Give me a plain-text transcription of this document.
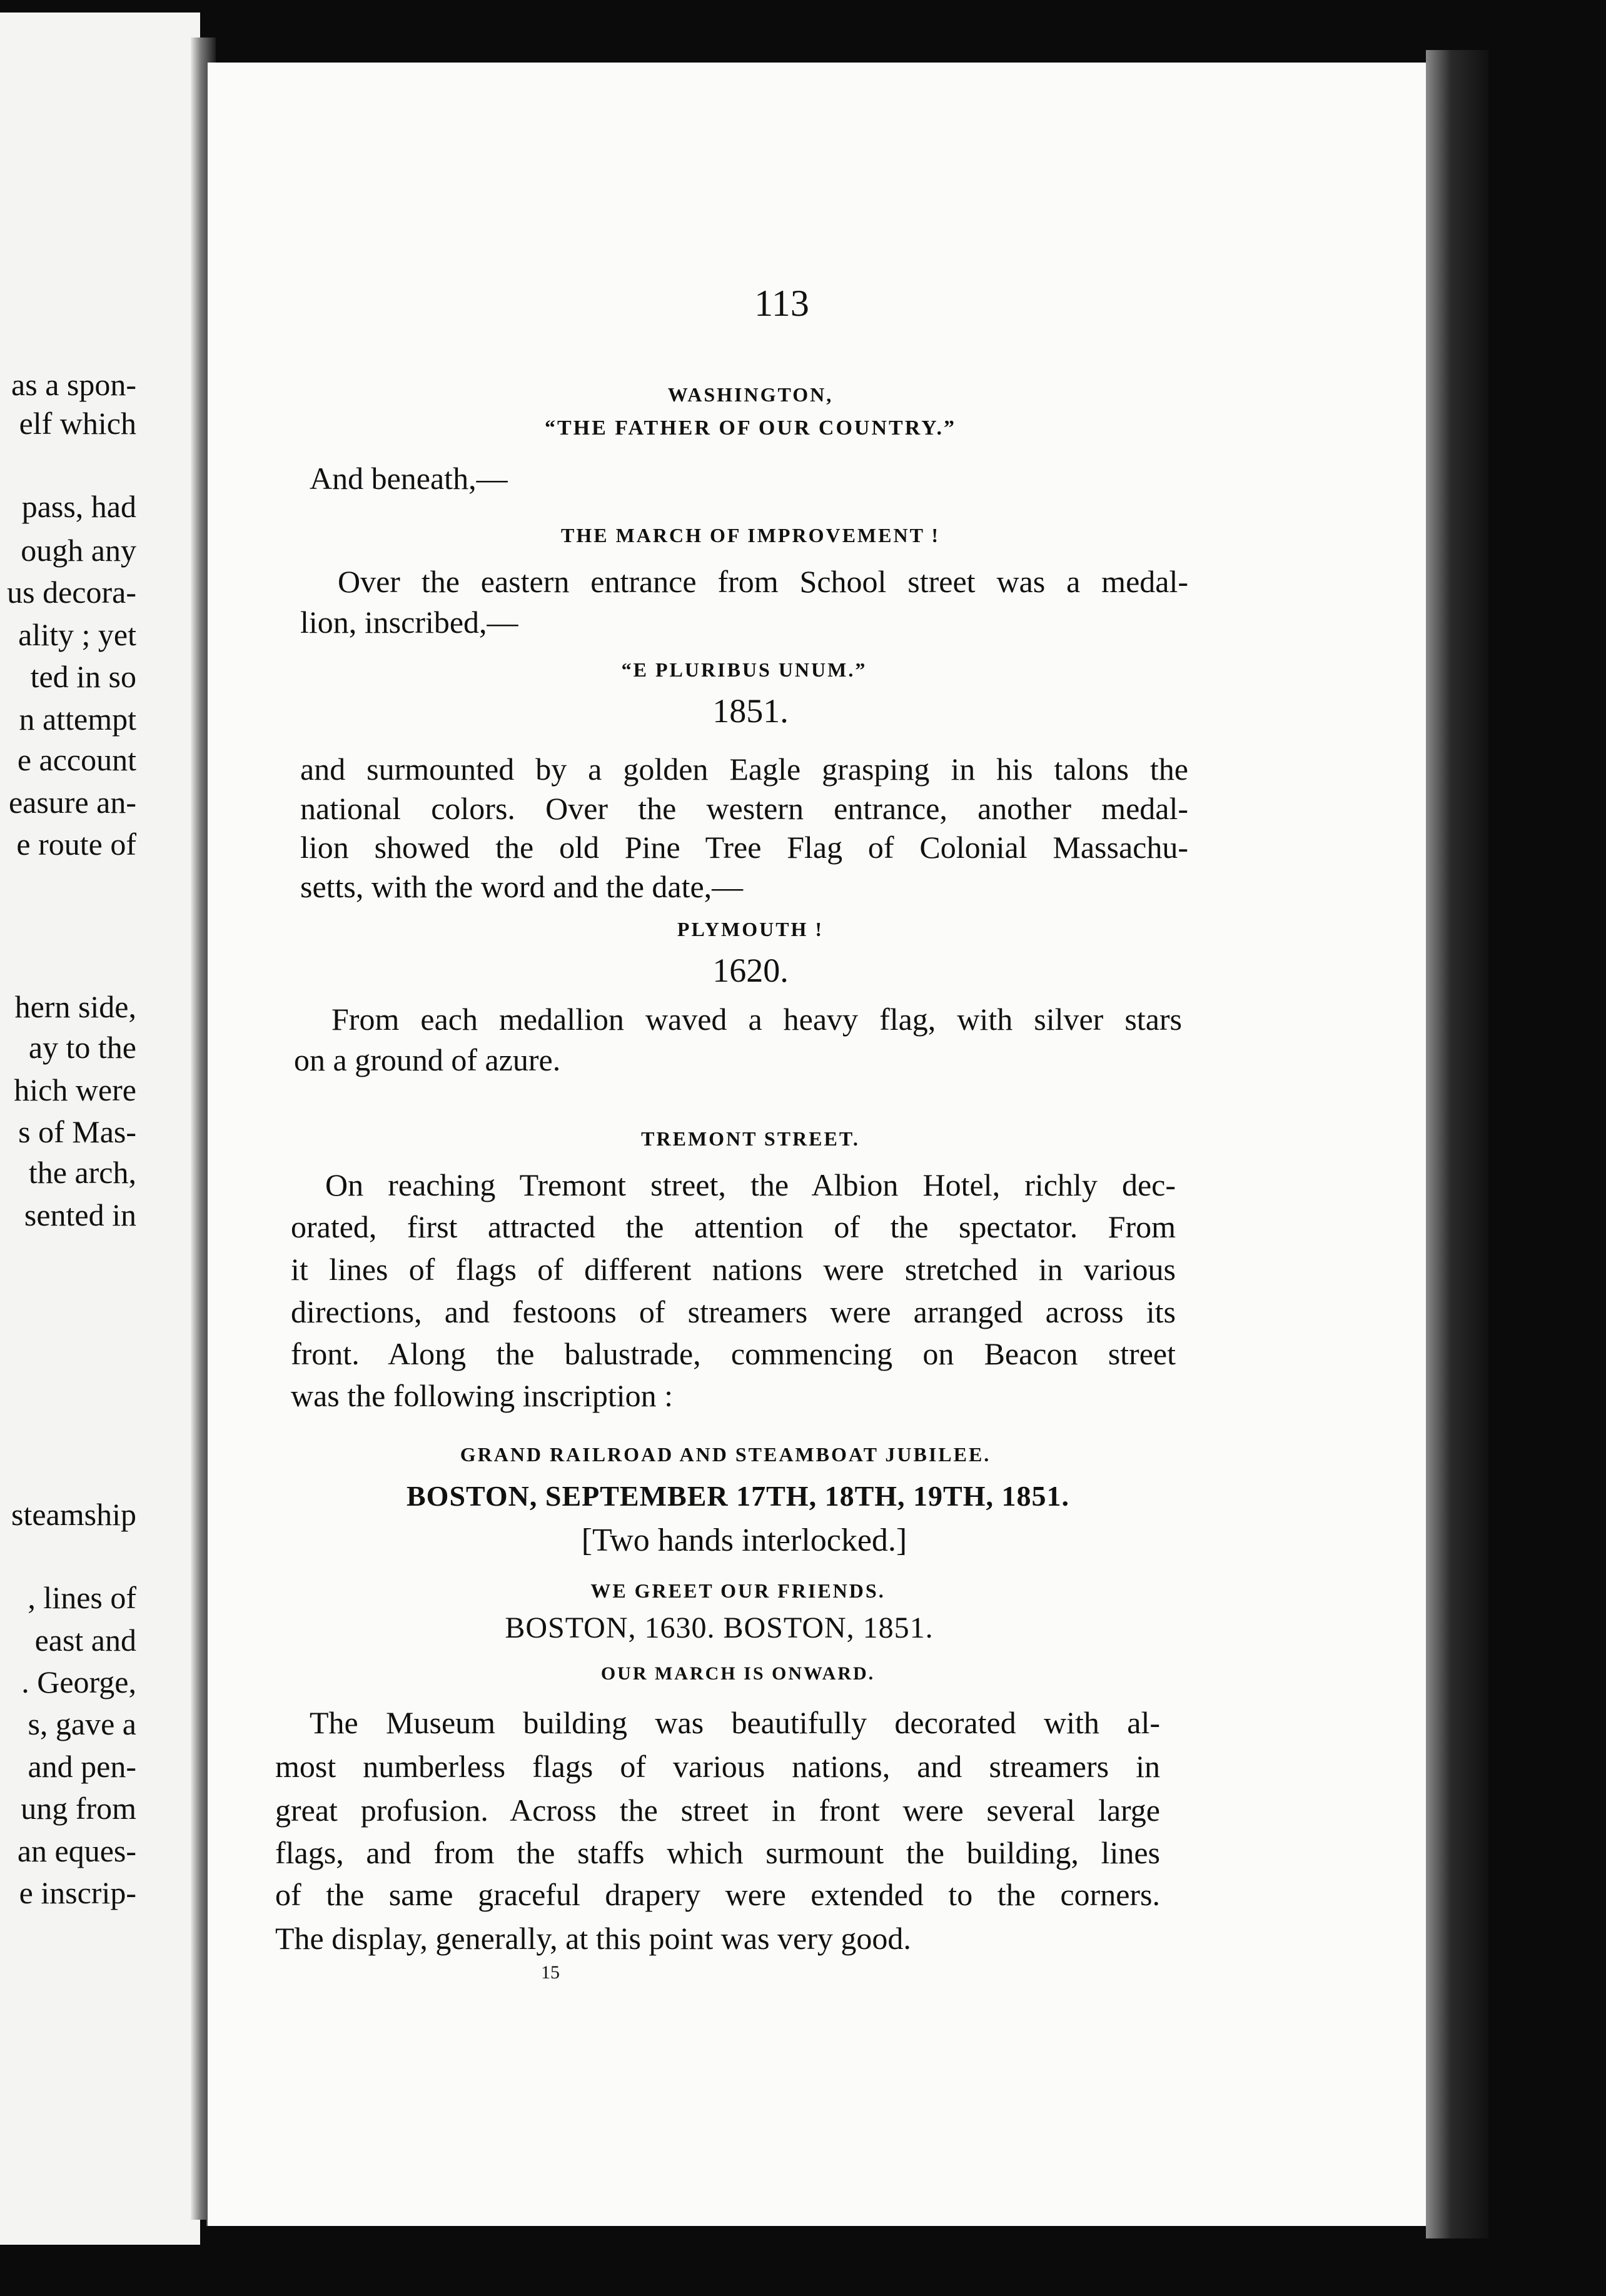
as a spon-
elf which
pass, had
ough any
us decora-
ality ; yet
ted in so
n attempt
e account
easure an-
e route of
hern side,
ay to the
hich were
s of Mas-
the arch,
sented in
steamship
, lines of
east and
. George,
s, gave a
and pen-
ung from
an eques-
e inscrip-
113
WASHINGTON,
“THE FATHER OF OUR COUNTRY.”
And beneath,—
THE MARCH OF IMPROVEMENT !
Over the eastern entrance from School street was a medal-
lion, inscribed,—
“E PLURIBUS UNUM.”
1851.
and surmounted by a golden Eagle grasping in his talons the
national colors. Over the western entrance, another medal-
lion showed the old Pine Tree Flag of Colonial Massachu-
setts, with the word and the date,—
PLYMOUTH !
1620.
From each medallion waved a heavy flag, with silver stars
on a ground of azure.
TREMONT STREET.
On reaching Tremont street, the Albion Hotel, richly dec-
orated, first attracted the attention of the spectator. From
it lines of flags of different nations were stretched in various
directions, and festoons of streamers were arranged across its
front. Along the balustrade, commencing on Beacon street
was the following inscription :
GRAND RAILROAD AND STEAMBOAT JUBILEE.
BOSTON, SEPTEMBER 17TH, 18TH, 19TH, 1851.
[Two hands interlocked.]
WE GREET OUR FRIENDS.
BOSTON, 1630. BOSTON, 1851.
OUR MARCH IS ONWARD.
The Museum building was beautifully decorated with al-
most numberless flags of various nations, and streamers in
great profusion. Across the street in front were several large
flags, and from the staffs which surmount the building, lines
of the same graceful drapery were extended to the corners.
The display, generally, at this point was very good.
15
